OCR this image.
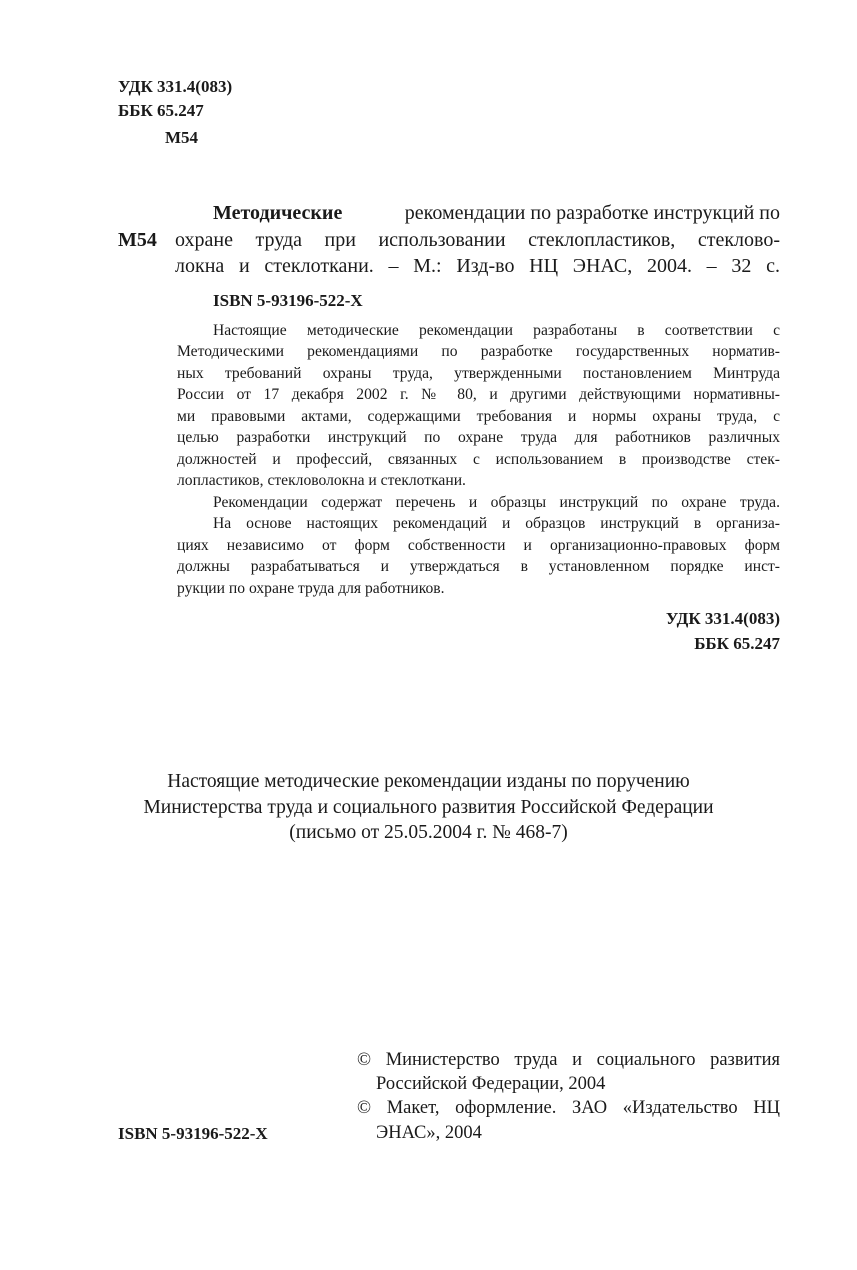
УДК 331.4(083)
ББК 65.247
М54
М54
Методические	рекомендации по разработке инструкций по
охране труда при использовании стеклопластиков, стеклово-
локна и стеклоткани. – М.: Изд-во НЦ ЭНАС, 2004. – 32 с.
ISBN 5-93196-522-X
Настоящие методические рекомендации разработаны в соответствии с
Методическими рекомендациями по разработке государственных норматив-
ных требований охраны труда, утвержденными постановлением Минтруда
России от 17 декабря 2002 г. № 80, и другими действующими нормативны-
ми правовыми актами, содержащими требования и нормы охраны труда, с
целью разработки инструкций по охране труда для работников различных
должностей и профессий, связанных с использованием в производстве стек-
лопластиков, стекловолокна и стеклоткани.
Рекомендации содержат перечень и образцы инструкций по охране труда.
На основе настоящих рекомендаций и образцов инструкций в организа-
циях независимо от форм собственности и организационно-правовых форм
должны разрабатываться и утверждаться в установленном порядке инст-
рукции по охране труда для работников.
УДК 331.4(083)
ББК 65.247
Настоящие методические рекомендации изданы по поручению
Министерства труда и социального развития Российской Федерации
(письмо от 25.05.2004 г. № 468-7)
© Министерство труда и социального развития
Российской Федерации, 2004
© Макет, оформление. ЗАО «Издательство НЦ
ЭНАС», 2004
ISBN 5-93196-522-X
